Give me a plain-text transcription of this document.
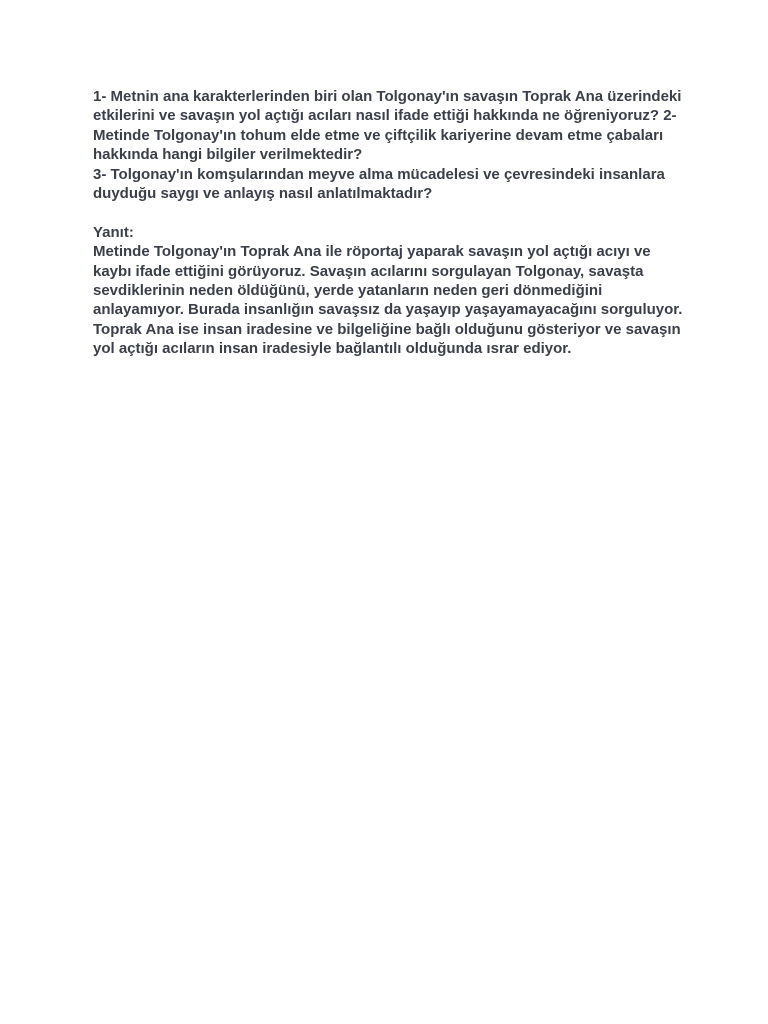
1- Metnin ana karakterlerinden biri olan Tolgonay'ın savaşın Toprak Ana üzerindeki etkilerini ve savaşın yol açtığı acıları nasıl ifade ettiği hakkında ne öğreniyoruz? 2-Metinde Tolgonay'ın tohum elde etme ve çiftçilik kariyerine devam etme çabaları hakkında hangi bilgiler verilmektedir?

3- Tolgonay'ın komşularından meyve alma mücadelesi ve çevresindeki insanlara duyduğu saygı ve anlayış nasıl anlatılmaktadır?

Yanıt:

Metinde Tolgonay'ın Toprak Ana ile röportaj yaparak savaşın yol açtığı acıyı ve kaybı ifade ettiğini görüyoruz. Savaşın acılarını sorgulayan Tolgonay, savaşta sevdiklerinin neden öldüğünü, yerde yatanların neden geri dönmediğini anlayamıyor. Burada insanlığın savaşsız da yaşayıp yaşayamayacağını sorguluyor. Toprak Ana ise insan iradesine ve bilgeliğine bağlı olduğunu gösteriyor ve savaşın yol açtığı acıların insan iradesiyle bağlantılı olduğunda ısrar ediyor.
